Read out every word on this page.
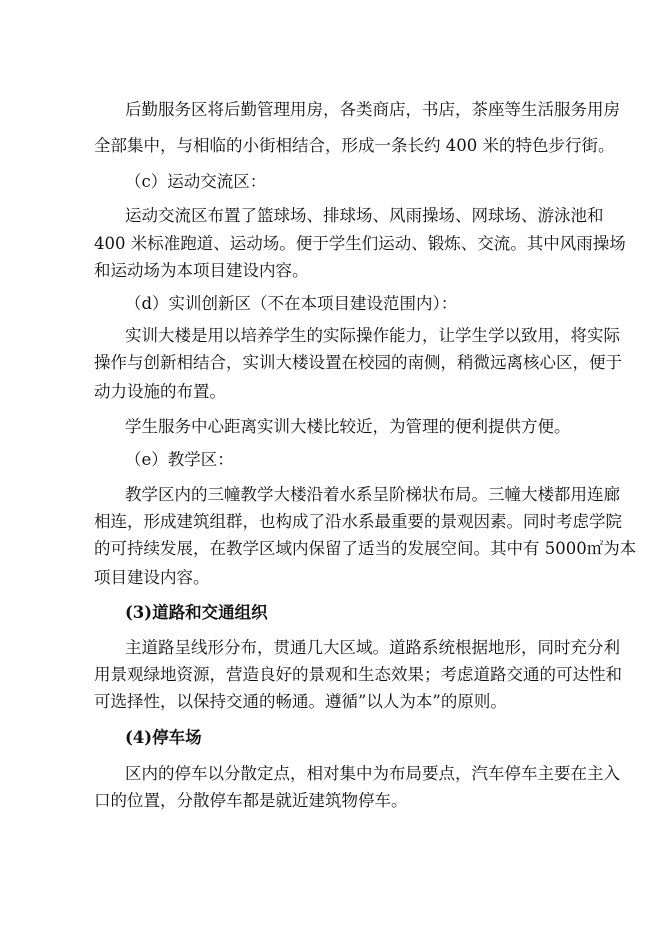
后勤服务区将后勤管理用房，各类商店，书店，茶座等生活服务用房
全部集中，与相临的小街相结合，形成一条长约 400 米的特色步行街。
（c）运动交流区：
运动交流区布置了篮球场、排球场、风雨操场、网球场、游泳池和
400 米标准跑道、运动场。便于学生们运动、锻炼、交流。其中风雨操场
和运动场为本项目建设内容。
（d）实训创新区（不在本项目建设范围内）：
实训大楼是用以培养学生的实际操作能力，让学生学以致用，将实际
操作与创新相结合，实训大楼设置在校园的南侧，稍微远离核心区，便于
动力设施的布置。
学生服务中心距离实训大楼比较近，为管理的便利提供方便。
（e）教学区：
教学区内的三幢教学大楼沿着水系呈阶梯状布局。三幢大楼都用连廊
相连，形成建筑组群，也构成了沿水系最重要的景观因素。同时考虑学院
的可持续发展，在教学区域内保留了适当的发展空间。其中有 5000㎡为本
项目建设内容。
(3)道路和交通组织
主道路呈线形分布，贯通几大区域。道路系统根据地形，同时充分利
用景观绿地资源，营造良好的景观和生态效果；考虑道路交通的可达性和
可选择性，以保持交通的畅通。遵循”以人为本”的原则。
(4)停车场
区内的停车以分散定点，相对集中为布局要点，汽车停车主要在主入
口的位置，分散停车都是就近建筑物停车。
